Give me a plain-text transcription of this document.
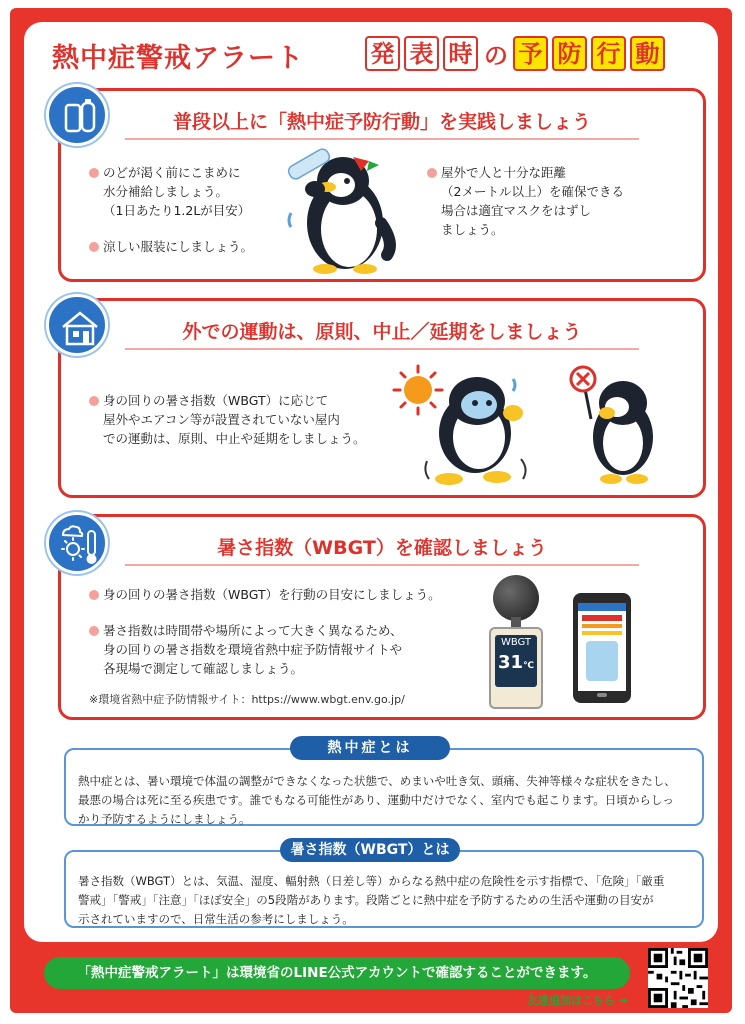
熱中症警戒アラート	発 表 時 の 予 防 行 動
普段以上に「熱中症予防行動」を実践しましょう
のどが渇く前にこまめに
水分補給しましょう。
（1日あたり1.2Lが目安）
涼しい服装にしましょう。
屋外で人と十分な距離
（2メートル以上）を確保できる
場合は適宜マスクをはずし
ましょう。
外での運動は、原則、中止／延期をしましょう
身の回りの暑さ指数（WBGT）に応じて
屋外やエアコン等が設置されていない屋内
での運動は、原則、中止や延期をしましょう。
暑さ指数（WBGT）を確認しましょう
身の回りの暑さ指数（WBGT）を行動の目安にしましょう。
暑さ指数は時間帯や場所によって大きく異なるため、
身の回りの暑さ指数を環境省熱中症予防情報サイトや
各現場で測定して確認しましょう。
※環境省熱中症予防情報サイト：https://www.wbgt.env.go.jp/
WBGT
31℃
熱中症とは、暑い環境で体温の調整ができなくなった状態で、めまいや吐き気、頭痛、失神等様々な症状をきたし、
最悪の場合は死に至る疾患です。誰でもなる可能性があり、運動中だけでなく、室内でも起こります。日頃からしっ
かり予防するようにしましょう。
熱中症とは
暑さ指数（WBGT）とは、気温、湿度、輻射熱（日差し等）からなる熱中症の危険性を示す指標で、「危険」「厳重
警戒」「警戒」「注意」「ほぼ安全」の5段階があります。段階ごとに熱中症を予防するための生活や運動の目安が
示されていますので、日常生活の参考にしましょう。
暑さ指数（WBGT）とは
「熱中症警戒アラート」は環境省のLINE公式アカウントで確認することができます。
友達追加はこちら ➡
